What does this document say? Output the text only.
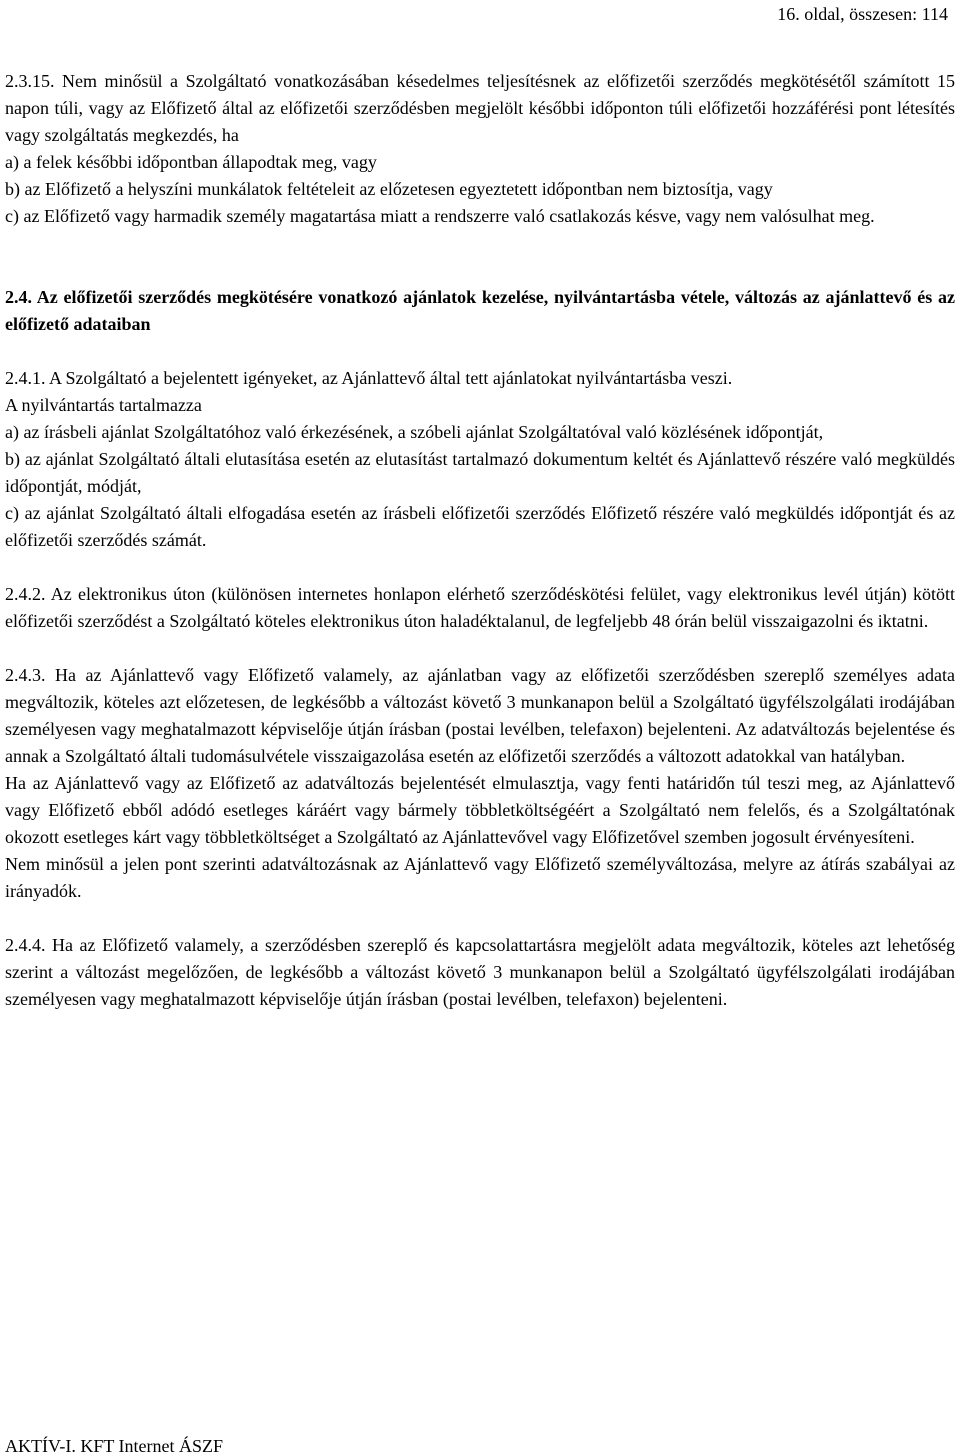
16. oldal, összesen: 114

2.3.15. Nem minősül a Szolgáltató vonatkozásában késedelmes teljesítésnek az előfizetői szerződés megkötésétől számított 15 napon túli, vagy az Előfizető által az előfizetői szerződésben megjelölt későbbi időponton túli előfizetői hozzáférési pont létesítés vagy szolgáltatás megkezdés, ha

a) a felek későbbi időpontban állapodtak meg, vagy

b) az Előfizető a helyszíni munkálatok feltételeit az előzetesen egyeztetett időpontban nem biztosítja, vagy

c) az Előfizető vagy harmadik személy magatartása miatt a rendszerre való csatlakozás késve, vagy nem valósulhat meg.

2.4. Az előfizetői szerződés megkötésére vonatkozó ajánlatok kezelése, nyilvántartásba vétele, változás az ajánlattevő és az előfizető adataiban

2.4.1. A Szolgáltató a bejelentett igényeket, az Ajánlattevő által tett ajánlatokat nyilvántartásba veszi.

A nyilvántartás tartalmazza

a) az írásbeli ajánlat Szolgáltatóhoz való érkezésének, a szóbeli ajánlat Szolgáltatóval való közlésének időpontját,

b) az ajánlat Szolgáltató általi elutasítása esetén az elutasítást tartalmazó dokumentum keltét és Ajánlattevő részére való megküldés időpontját, módját,

c) az ajánlat Szolgáltató általi elfogadása esetén az írásbeli előfizetői szerződés Előfizető részére való megküldés időpontját és az előfizetői szerződés számát.

2.4.2. Az elektronikus úton (különösen internetes honlapon elérhető szerződéskötési felület, vagy elektronikus levél útján) kötött előfizetői szerződést a Szolgáltató köteles elektronikus úton haladéktalanul, de legfeljebb 48 órán belül visszaigazolni és iktatni.

2.4.3. Ha az Ajánlattevő vagy Előfizető valamely, az ajánlatban vagy az előfizetői szerződésben szereplő személyes adata megváltozik, köteles azt előzetesen, de legkésőbb a változást követő 3 munkanapon belül a Szolgáltató ügyfélszolgálati irodájában személyesen vagy meghatalmazott képviselője útján írásban (postai levélben, telefaxon) bejelenteni. Az adatváltozás bejelentése és annak a Szolgáltató általi tudomásulvétele visszaigazolása esetén az előfizetői szerződés a változott adatokkal van hatályban.

Ha az Ajánlattevő vagy az Előfizető az adatváltozás bejelentését elmulasztja, vagy fenti határidőn túl teszi meg, az Ajánlattevő vagy Előfizető ebből adódó esetleges káráért vagy bármely többletköltségéért a Szolgáltató nem felelős, és a Szolgáltatónak okozott esetleges kárt vagy többletköltséget a Szolgáltató az Ajánlattevővel vagy Előfizetővel szemben jogosult érvényesíteni.

Nem minősül a jelen pont szerinti adatváltozásnak az Ajánlattevő vagy Előfizető személyváltozása, melyre az átírás szabályai az irányadók.

2.4.4. Ha az Előfizető valamely, a szerződésben szereplő és kapcsolattartásra megjelölt adata megváltozik, köteles azt lehetőség szerint a változást megelőzően, de legkésőbb a változást követő 3 munkanapon belül a Szolgáltató ügyfélszolgálati irodájában személyesen vagy meghatalmazott képviselője útján írásban (postai levélben, telefaxon) bejelenteni.

AKTÍV-I. KFT Internet ÁSZF
